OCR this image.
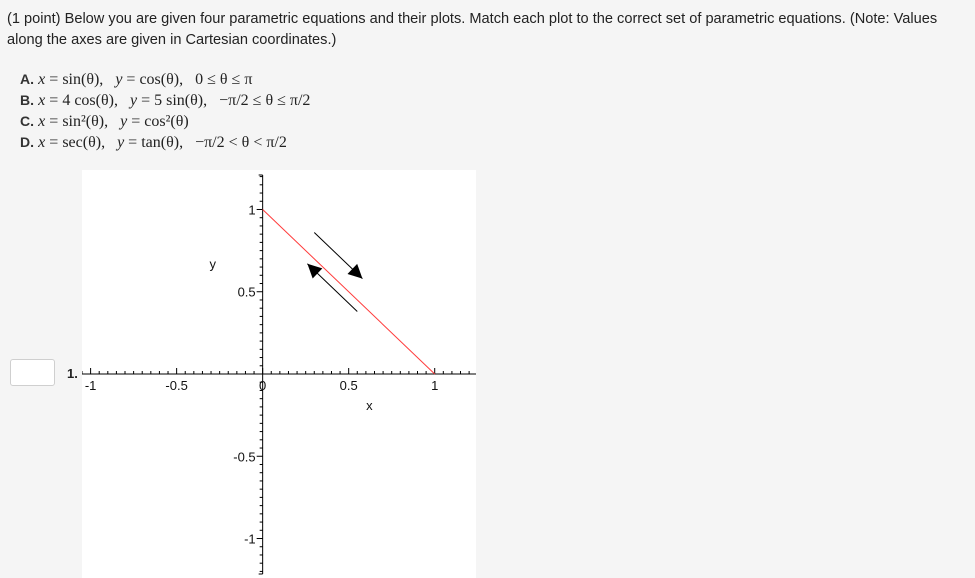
(1 point) Below you are given four parametric equations and their plots. Match each plot to the correct set of parametric equations. (Note: Values along the axes are given in Cartesian coordinates.)
A. x = sin(θ), y = cos(θ), 0 ≤ θ ≤ π
B. x = 4 cos(θ), y = 5 sin(θ), −π/2 ≤ θ ≤ π/2
C. x = sin²(θ), y = cos²(θ)
D. x = sec(θ), y = tan(θ), −π/2 < θ < π/2
1.
-1	-0.5	0	0.5	1
1
0.5
-0.5
-1
x
y
